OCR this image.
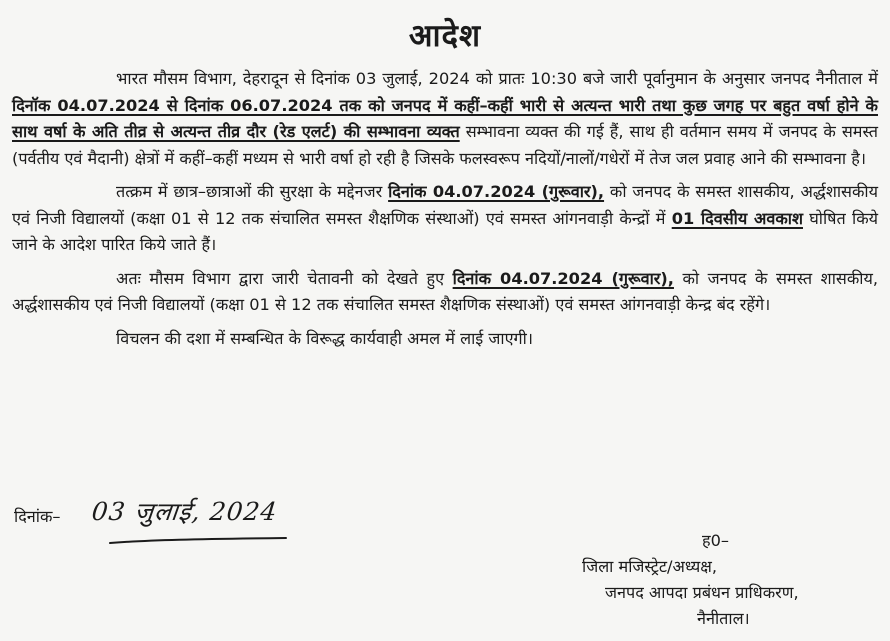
आदेश

भारत मौसम विभाग, देहरादून से दिनांक 03 जुलाई, 2024 को प्रातः 10:30 बजे जारी पूर्वानुमान के अनुसार जनपद नैनीताल में दिनॉक 04.07.2024 से दिनांक 06.07.2024 तक को जनपद में कहीं–कहीं भारी से अत्यन्त भारी तथा कुछ जगह पर बहुत वर्षा होने के साथ वर्षा के अति तीव्र से अत्यन्त तीव्र दौर (रेड एलर्ट) की सम्भावना व्यक्त सम्भावना व्यक्त की गई हैं, साथ ही वर्तमान समय में जनपद के समस्त (पर्वतीय एवं मैदानी) क्षेत्रों में कहीं–कहीं मध्यम से भारी वर्षा हो रही है जिसके फलस्वरूप नदियों/नालों/गधेरों में तेज जल प्रवाह आने की सम्भावना है।

तत्क्रम में छात्र–छात्राओं की सुरक्षा के मद्देनजर दिनांक 04.07.2024 (गुरूवार), को जनपद के समस्त शासकीय, अर्द्धशासकीय एवं निजी विद्यालयों (कक्षा 01 से 12 तक संचालित समस्त शैक्षणिक संस्थाओं) एवं समस्त आंगनवाड़ी केन्द्रों में 01 दिवसीय अवकाश घोषित किये जाने के आदेश पारित किये जाते हैं।

अतः मौसम विभाग द्वारा जारी चेतावनी को देखते हुए दिनांक 04.07.2024 (गुरूवार), को जनपद के समस्त शासकीय, अर्द्धशासकीय एवं निजी विद्यालयों (कक्षा 01 से 12 तक संचालित समस्त शैक्षणिक संस्थाओं) एवं समस्त आंगनवाड़ी केन्द्र बंद रहेंगे।

विचलन की दशा में सम्बन्धित के विरूद्ध कार्यवाही अमल में लाई जाएगी।

दिनांक– 03 जुलाई, 2024
ह0–
जिला मजिस्ट्रेट/अध्यक्ष,
जनपद आपदा प्रबंधन प्राधिकरण,
नैनीताल।
